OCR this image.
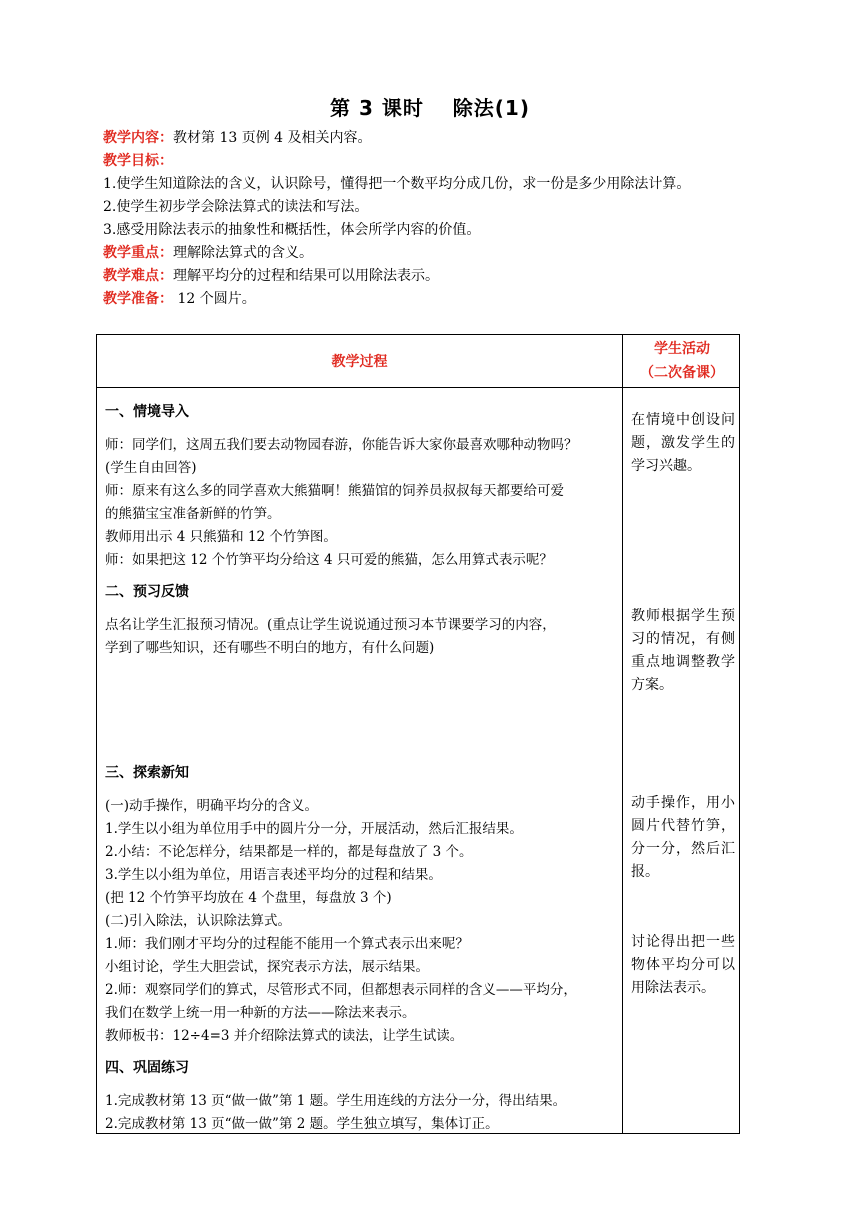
第 3 课时　 除法(1)
教学内容：教材第 13 页例 4 及相关内容。
教学目标：
1.使学生知道除法的含义，认识除号，懂得把一个数平均分成几份，求一份是多少用除法计算。
2.使学生初步学会除法算式的读法和写法。
3.感受用除法表示的抽象性和概括性，体会所学内容的价值。
教学重点：理解除法算式的含义。
教学难点：理解平均分的过程和结果可以用除法表示。
教学准备： 12 个圆片。
教学过程
学生活动
（二次备课）
一、情境导入
师：同学们，这周五我们要去动物园春游，你能告诉大家你最喜欢哪种动物吗？
(学生自由回答)
师：原来有这么多的同学喜欢大熊猫啊！熊猫馆的饲养员叔叔每天都要给可爱
的熊猫宝宝准备新鲜的竹笋。
教师用出示 4 只熊猫和 12 个竹笋图。
师：如果把这 12 个竹笋平均分给这 4 只可爱的熊猫，怎么用算式表示呢？
二、预习反馈
点名让学生汇报预习情况。(重点让学生说说通过预习本节课要学习的内容，
学到了哪些知识，还有哪些不明白的地方，有什么问题)
三、探索新知
(一)动手操作，明确平均分的含义。
1.学生以小组为单位用手中的圆片分一分，开展活动，然后汇报结果。
2.小结：不论怎样分，结果都是一样的，都是每盘放了 3 个。
3.学生以小组为单位，用语言表述平均分的过程和结果。
(把 12 个竹笋平均放在 4 个盘里，每盘放 3 个)
(二)引入除法，认识除法算式。
1.师：我们刚才平均分的过程能不能用一个算式表示出来呢？
小组讨论，学生大胆尝试，探究表示方法，展示结果。
2.师：观察同学们的算式，尽管形式不同，但都想表示同样的含义——平均分，
我们在数学上统一用一种新的方法——除法来表示。
教师板书：12÷4=3 并介绍除法算式的读法，让学生试读。
四、巩固练习
1.完成教材第 13 页“做一做”第 1 题。学生用连线的方法分一分，得出结果。
2.完成教材第 13 页“做一做”第 2 题。学生独立填写，集体订正。
在情境中创设问题，激发学生的学习兴趣。
教师根据学生预习的情况，有侧重点地调整教学方案。
动手操作，用小圆片代替竹笋，分一分，然后汇报。
讨论得出把一些物体平均分可以用除法表示。
